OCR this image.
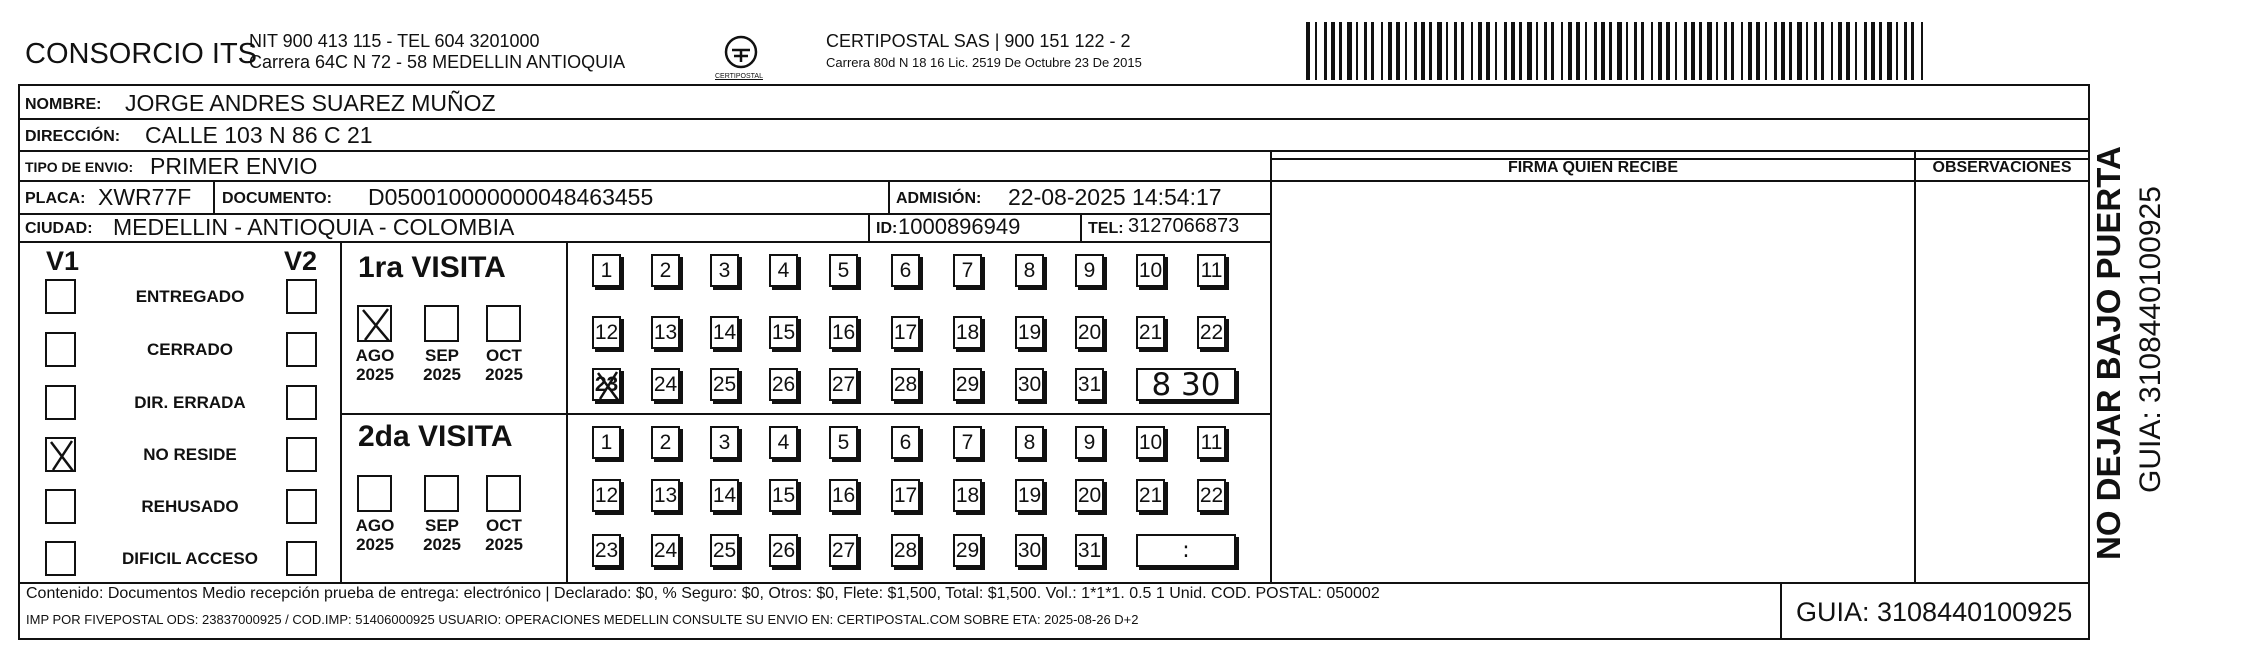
CONSORCIO ITS
NIT 900 413 115 - TEL 604 3201000
Carrera 64C N 72 - 58 MEDELLIN ANTIOQUIA
CERTIPOSTAL
CERTIPOSTAL SAS | 900 151 122 - 2
Carrera 80d N 18 16 Lic. 2519 De Octubre 23 De 2015
NOMBRE: JORGE ANDRES SUAREZ MUÑOZ
DIRECCIÓN: CALLE 103 N 86 C 21
TIPO DE ENVIO: PRIMER ENVIO
PLACA: XWR77F DOCUMENTO: D050010000000048463455	ADMISIÓN: 22-08-2025 14:54:17
CIUDAD: MEDELLIN - ANTIOQUIA - COLOMBIA	ID: 1000896949	TEL: 3127066873
FIRMA QUIEN RECIBE	OBSERVACIONES
V1	V2
ENTREGADO
CERRADO
DIR. ERRADA
NO RESIDE
REHUSADO
DIFICIL ACCESO
1ra VISITA
AGO
2025
SEP
2025
OCT
2025
1	2	3	4	5	6	7	8	9	10 11
12 13 14 15 16 17 18 19 20 21 22
23 24 25 26 27 28 29 30 31	8 30
2da VISITA
AGO
2025
SEP
2025
OCT
2025
1	2	3	4	5	6	7	8	9	10 11
12 13 14 15 16 17 18 19 20 21 22
23 24 25 26 27 28 29 30 31	:
Contenido: Documentos Medio recepción prueba de entrega: electrónico | Declarado: $0, % Seguro: $0, Otros: $0, Flete: $1,500, Total: $1,500. Vol.: 1*1*1. 0.5 1 Unid. COD. POSTAL: 050002
IMP POR FIVEPOSTAL ODS: 23837000925 / COD.IMP: 51406000925 USUARIO: OPERACIONES MEDELLIN CONSULTE SU ENVIO EN: CERTIPOSTAL.COM SOBRE ETA: 2025-08-26 D+2	GUIA: 3108440100925
NO DEJAR BAJO PUERTA GUIA: 3108440100925
